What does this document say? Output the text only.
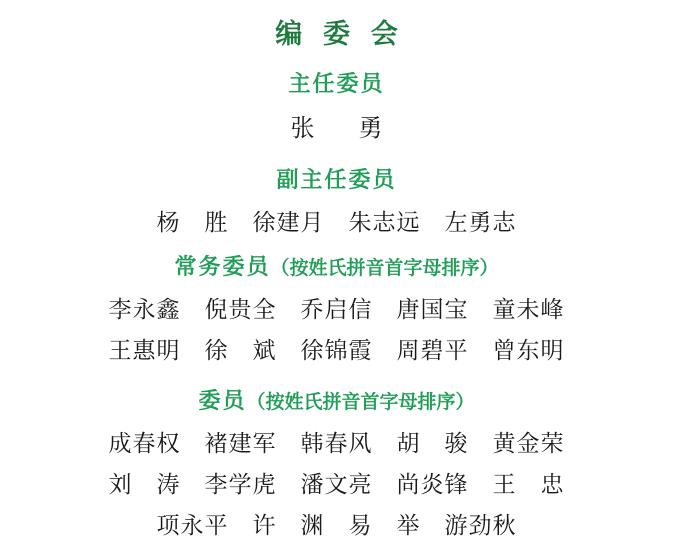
编 委 会
主任委员
张　勇
副主任委员
杨　胜 徐建月 朱志远 左勇志
常务委员（按姓氏拼音首字母排序）
李永鑫 倪贵全 乔启信 唐国宝 童未峰
王惠明 徐　斌 徐锦霞 周碧平 曾东明
委员（按姓氏拼音首字母排序）
成春权 褚建军 韩春风 胡　骏 黄金荣
刘　涛 李学虎 潘文亮 尚炎锋 王　忠
项永平 许　渊 易　举 游劲秋
